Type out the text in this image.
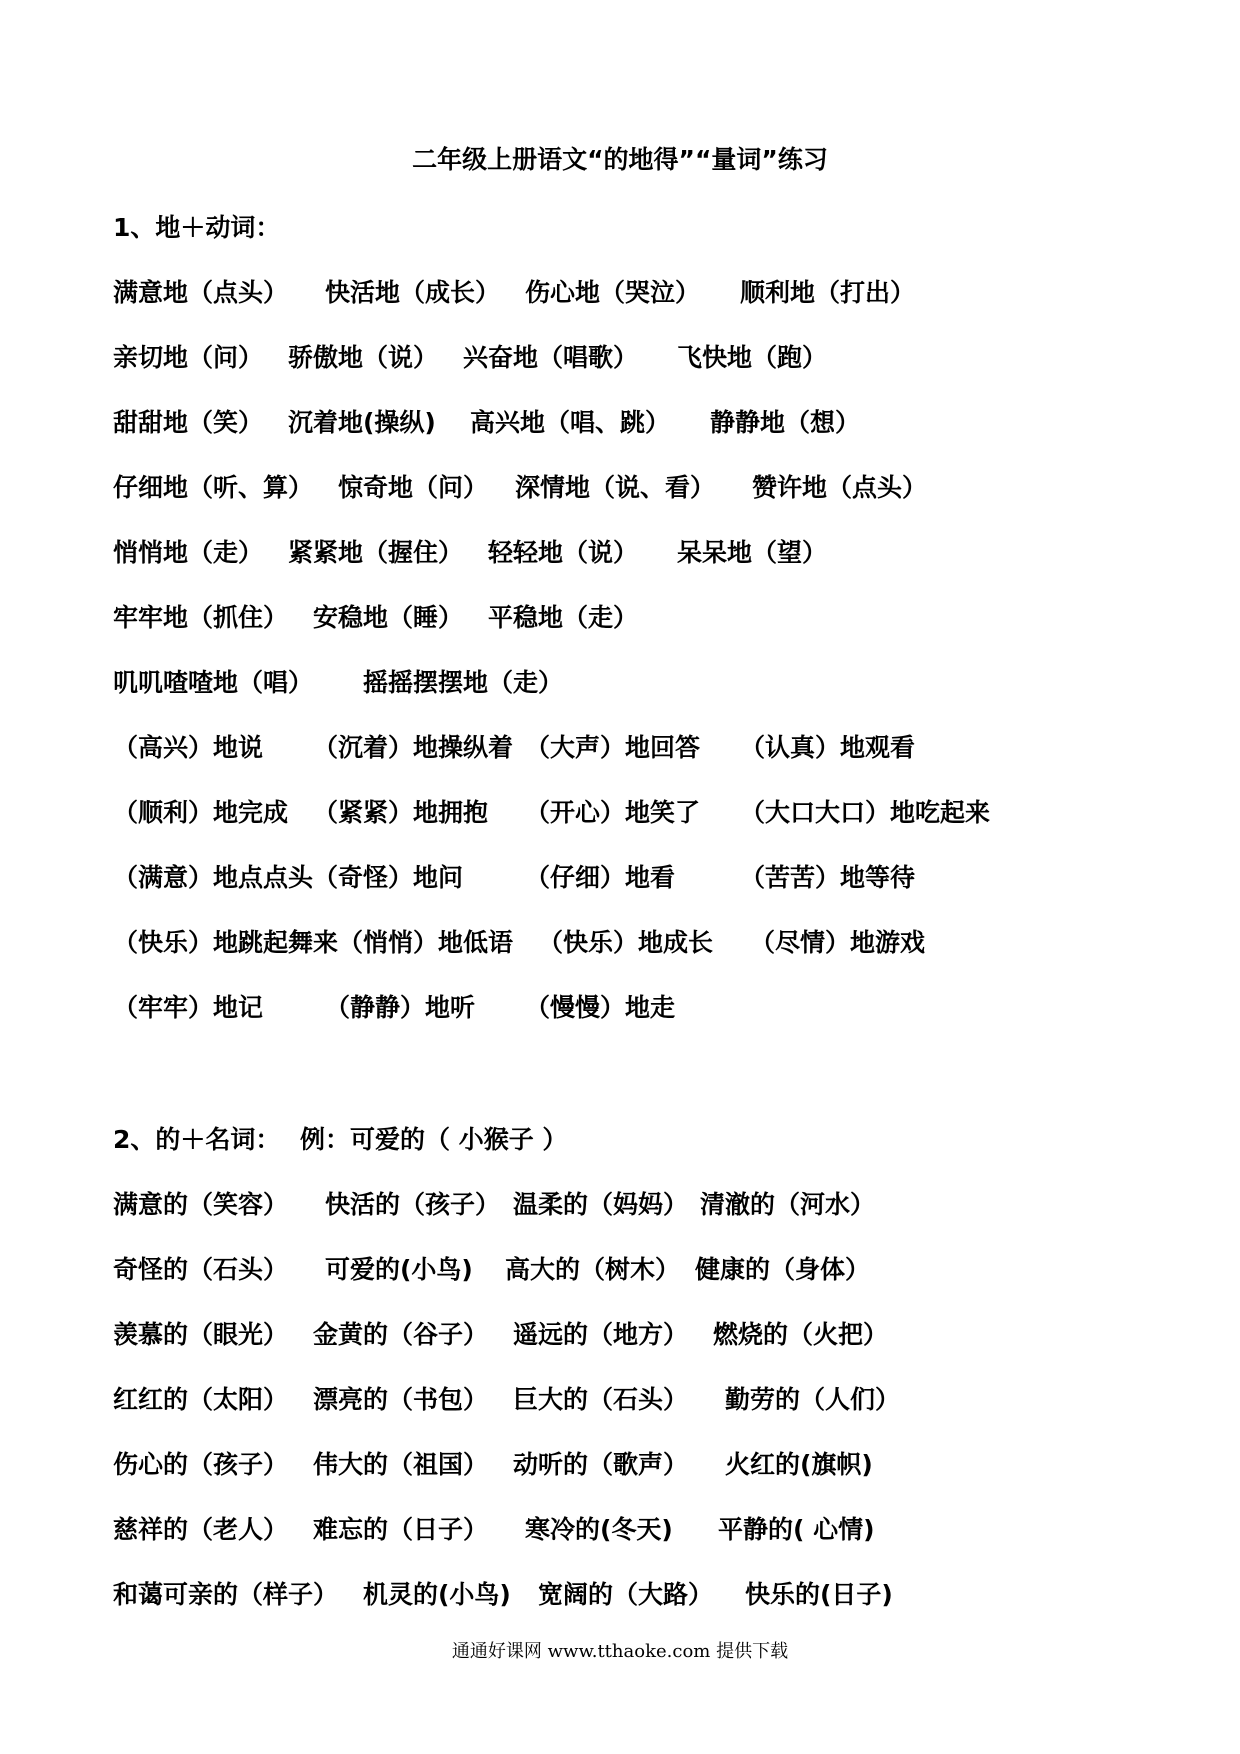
二年级上册语文“的地得”“量词”练习
1、地＋动词：
满意地（点头） 快活地（成长） 伤心地（哭泣） 顺利地（打出）
亲切地（问） 骄傲地（说） 兴奋地（唱歌） 飞快地（跑）
甜甜地（笑） 沉着地(操纵) 高兴地（唱、跳） 静静地（想）
仔细地（听、算） 惊奇地（问） 深情地（说、看） 赞许地（点头）
悄悄地（走） 紧紧地（握住） 轻轻地（说） 呆呆地（望）
牢牢地（抓住） 安稳地（睡） 平稳地（走）
叽叽喳喳地（唱） 摇摇摆摆地（走）
（高兴）地说 （沉着）地操纵着 （大声）地回答 （认真）地观看
（顺利）地完成 （紧紧）地拥抱 （开心）地笑了 （大口大口）地吃起来
（满意）地点点头 （奇怪）地问 （仔细）地看	（苦苦）地等待
（快乐）地跳起舞来 （悄悄）地低语 （快乐）地成长 （尽情）地游戏
（牢牢）地记 （静静）地听 （慢慢）地走
2、的＋名词： 例：可爱的（ 小猴子 ）
满意的（笑容） 快活的（孩子） 温柔的（妈妈） 清澈的（河水）
奇怪的（石头） 可爱的(小鸟) 高大的（树木） 健康的（身体）
羡慕的（眼光） 金黄的（谷子） 遥远的（地方） 燃烧的（火把）
红红的（太阳） 漂亮的（书包） 巨大的（石头） 勤劳的（人们）
伤心的（孩子） 伟大的（祖国） 动听的（歌声） 火红的(旗帜)
慈祥的（老人） 难忘的（日子） 寒冷的(冬天) 平静的( 心情)
和蔼可亲的（样子） 机灵的(小鸟) 宽阔的（大路） 快乐的(日子)
通通好课网 www.tthaoke.com 提供下载
